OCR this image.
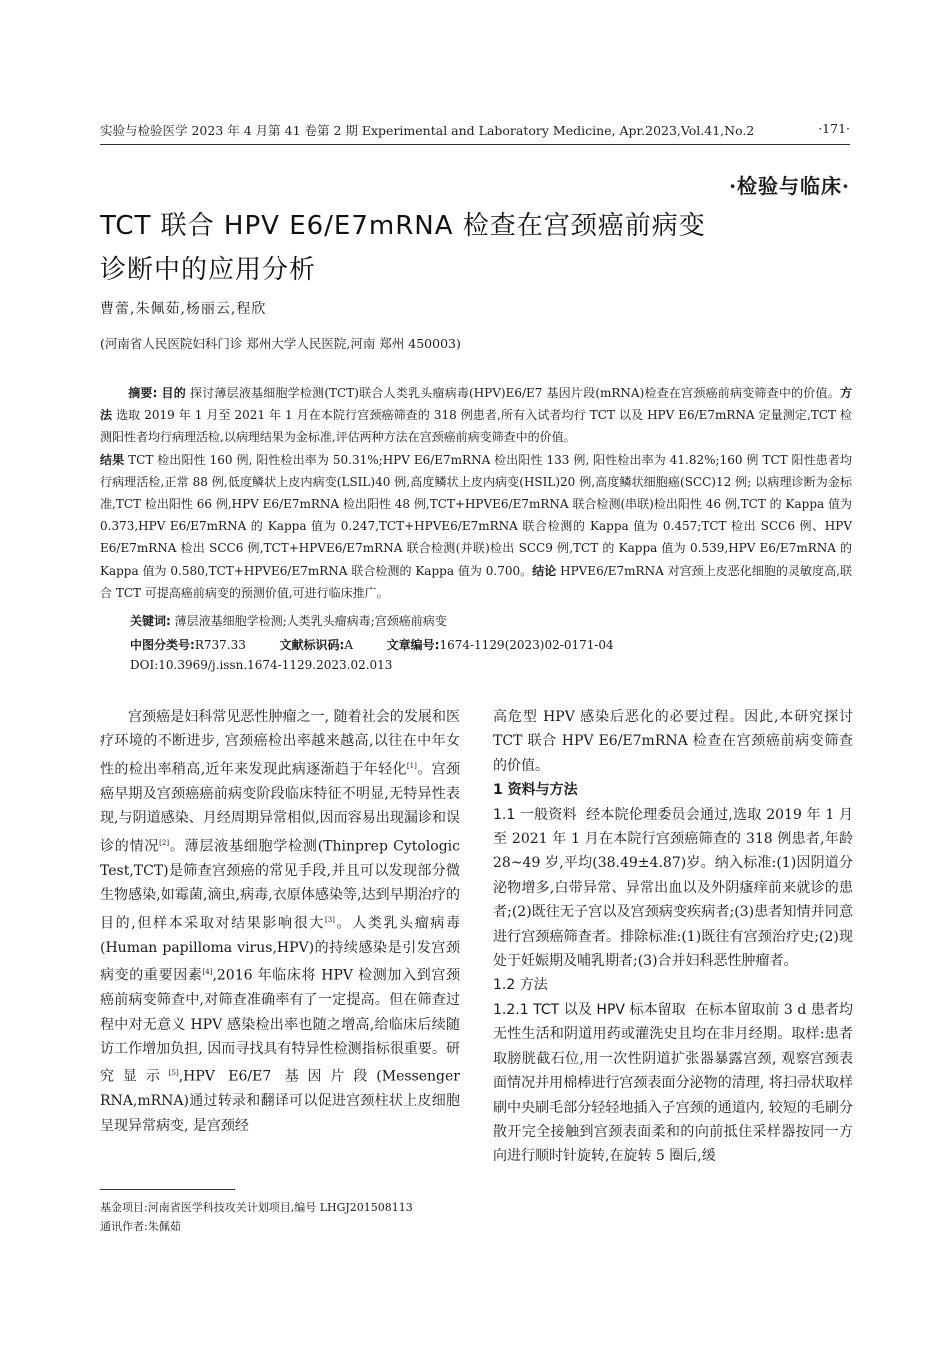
实验与检验医学 2023 年 4 月第 41 卷第 2 期 Experimental and Laboratory Medicine, Apr.2023,Vol.41,No.2	·171·
·检验与临床·
TCT 联合 HPV E6/E7mRNA 检查在宫颈癌前病变
诊断中的应用分析
曹蕾,朱佩茹,杨丽云,程欣
(河南省人民医院妇科门诊 郑州大学人民医院,河南 郑州 450003)
摘要: 目的 探讨薄层液基细胞学检测(TCT)联合人类乳头瘤病毒(HPV)E6/E7 基因片段(mRNA)检查在宫颈癌前病变筛查中的价值。方法 选取 2019 年 1 月至 2021 年 1 月在本院行宫颈癌筛查的 318 例患者,所有入试者均行 TCT 以及 HPV E6/E7mRNA 定量测定,TCT 检测阳性者均行病理活检,以病理结果为金标准,评估两种方法在宫颈癌前病变筛查中的价值。
结果 TCT 检出阳性 160 例, 阳性检出率为 50.31%;HPV E6/E7mRNA 检出阳性 133 例, 阳性检出率为 41.82%;160 例 TCT 阳性患者均行病理活检,正常 88 例,低度鳞状上皮内病变(LSIL)40 例,高度鳞状上皮内病变(HSIL)20 例,高度鳞状细胞癌(SCC)12 例; 以病理诊断为金标准,TCT 检出阳性 66 例,HPV E6/E7mRNA 检出阳性 48 例,TCT+HPVE6/E7mRNA 联合检测(串联)检出阳性 46 例,TCT 的 Kappa 值为 0.373,HPV E6/E7mRNA 的 Kappa 值为 0.247,TCT+HPVE6/E7mRNA 联合检测的 Kappa 值为 0.457;TCT 检出 SCC6 例、HPV E6/E7mRNA 检出 SCC6 例,TCT+HPVE6/E7mRNA 联合检测(并联)检出 SCC9 例,TCT 的 Kappa 值为 0.539,HPV E6/E7mRNA 的 Kappa 值为 0.580,TCT+HPVE6/E7mRNA 联合检测的 Kappa 值为 0.700。结论 HPVE6/E7mRNA 对宫颈上皮恶化细胞的灵敏度高,联合 TCT 可提高癌前病变的预测价值,可进行临床推广。
关键词: 薄层液基细胞学检测;人类乳头瘤病毒;宫颈癌前病变
中图分类号:R737.33	文献标识码:A	文章编号:1674-1129(2023)02-0171-04
DOI:10.3969/j.issn.1674-1129.2023.02.013

宫颈癌是妇科常见恶性肿瘤之一, 随着社会的发展和医疗环境的不断进步, 宫颈癌检出率越来越高,以往在中年女性的检出率稍高,近年来发现此病逐渐趋于年轻化[1]。宫颈癌早期及宫颈癌癌前病变阶段临床特征不明显,无特异性表现,与阴道感染、月经周期异常相似,因而容易出现漏诊和误诊的情况[2]。薄层液基细胞学检测(Thinprep Cytologic Test,TCT)是筛查宫颈癌的常见手段,并且可以发现部分微生物感染,如霉菌,滴虫,病毒,衣原体感染等,达到早期治疗的目的,但样本采取对结果影响很大[3]。人类乳头瘤病毒(Human papilloma virus,HPV)的持续感染是引发宫颈病变的重要因素[4],2016 年临床将 HPV 检测加入到宫颈癌前病变筛查中,对筛查准确率有了一定提高。但在筛查过程中对无意义 HPV 感染检出率也随之增高,给临床后续随访工作增加负担, 因而寻找具有特异性检测指标很重要。研究显示[5],HPV E6/E7 基因片段(Messenger RNA,mRNA)通过转录和翻译可以促进宫颈柱状上皮细胞呈现异常病变, 是宫颈经

高危型 HPV 感染后恶化的必要过程。因此,本研究探讨 TCT 联合 HPV E6/E7mRNA 检查在宫颈癌前病变筛查的价值。

1 资料与方法

1.1 一般资料 经本院伦理委员会通过,选取 2019 年 1 月至 2021 年 1 月在本院行宫颈癌筛查的 318 例患者,年龄 28~49 岁,平均(38.49±4.87)岁。纳入标准:(1)因阴道分泌物增多,白带异常、异常出血以及外阴瘙痒前来就诊的患者;(2)既往无子宫以及宫颈病变疾病者;(3)患者知情并同意进行宫颈癌筛查者。排除标准:(1)既往有宫颈治疗史;(2)现处于妊娠期及哺乳期者;(3)合并妇科恶性肿瘤者。

1.2 方法

1.2.1 TCT 以及 HPV 标本留取 在标本留取前 3 d 患者均无性生活和阴道用药或灌洗史且均在非月经期。取样:患者取膀胱截石位,用一次性阴道扩张器暴露宫颈, 观察宫颈表面情况并用棉棒进行宫颈表面分泌物的清理, 将扫帚状取样刷中央刷毛部分轻轻地插入子宫颈的通道内, 较短的毛刷分散开完全接触到宫颈表面柔和的向前抵住采样器按同一方向进行顺时针旋转,在旋转 5 圈后,缓

基金项目:河南省医学科技攻关计划项目,编号 LHGJ201508113
通讯作者:朱佩茹
